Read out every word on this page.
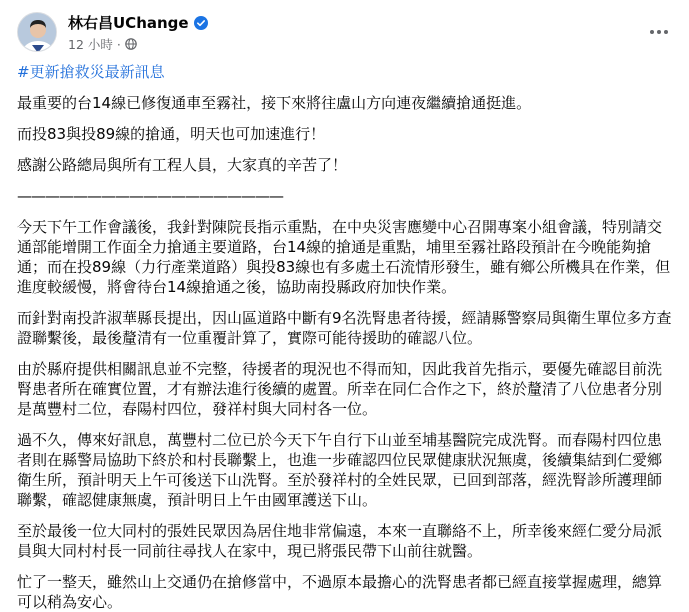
林右昌UChange
12 小時 ·
#更新搶救災最新訊息
最重要的台14線已修復通車至霧社，接下來將往盧山方向連夜繼續搶通挺進。
而投83與投89線的搶通，明天也可加速進行！
感謝公路總局與所有工程人員，大家真的辛苦了！
———————————————————
今天下午工作會議後，我針對陳院長指示重點，在中央災害應變中心召開專案小組會議，特別請交通部能增開工作面全力搶通主要道路，台14線的搶通是重點，埔里至霧社路段預計在今晚能夠搶通；而在投89線（力行產業道路）與投83線也有多處土石流情形發生，雖有鄉公所機具在作業，但進度較緩慢，將會待台14線搶通之後，協助南投縣政府加快作業。
而針對南投許淑華縣長提出，因山區道路中斷有9名洗腎患者待援，經請縣警察局與衛生單位多方查證聯繫後，最後釐清有一位重覆計算了，實際可能待援助的確認八位。
由於縣府提供相關訊息並不完整，待援者的現況也不得而知，因此我首先指示，要優先確認目前洗腎患者所在確實位置，才有辦法進行後續的處置。所幸在同仁合作之下，終於釐清了八位患者分別是萬豐村二位，春陽村四位，發祥村與大同村各一位。
過不久，傳來好訊息，萬豐村二位已於今天下午自行下山並至埔基醫院完成洗腎。而春陽村四位患者則在縣警局協助下終於和村長聯繫上，也進一步確認四位民眾健康狀況無虞，後續集結到仁愛鄉衛生所，預計明天上午可後送下山洗腎。至於發祥村的全姓民眾，已回到部落，經洗腎診所護理師聯繫，確認健康無虞，預計明日上午由國軍護送下山。
至於最後一位大同村的張姓民眾因為居住地非常偏遠，本來一直聯絡不上，所幸後來經仁愛分局派員與大同村村長一同前往尋找人在家中，現已將張民帶下山前往就醫。
忙了一整天，雖然山上交通仍在搶修當中，不過原本最擔心的洗腎患者都已經直接掌握處理，總算可以稍為安心。
